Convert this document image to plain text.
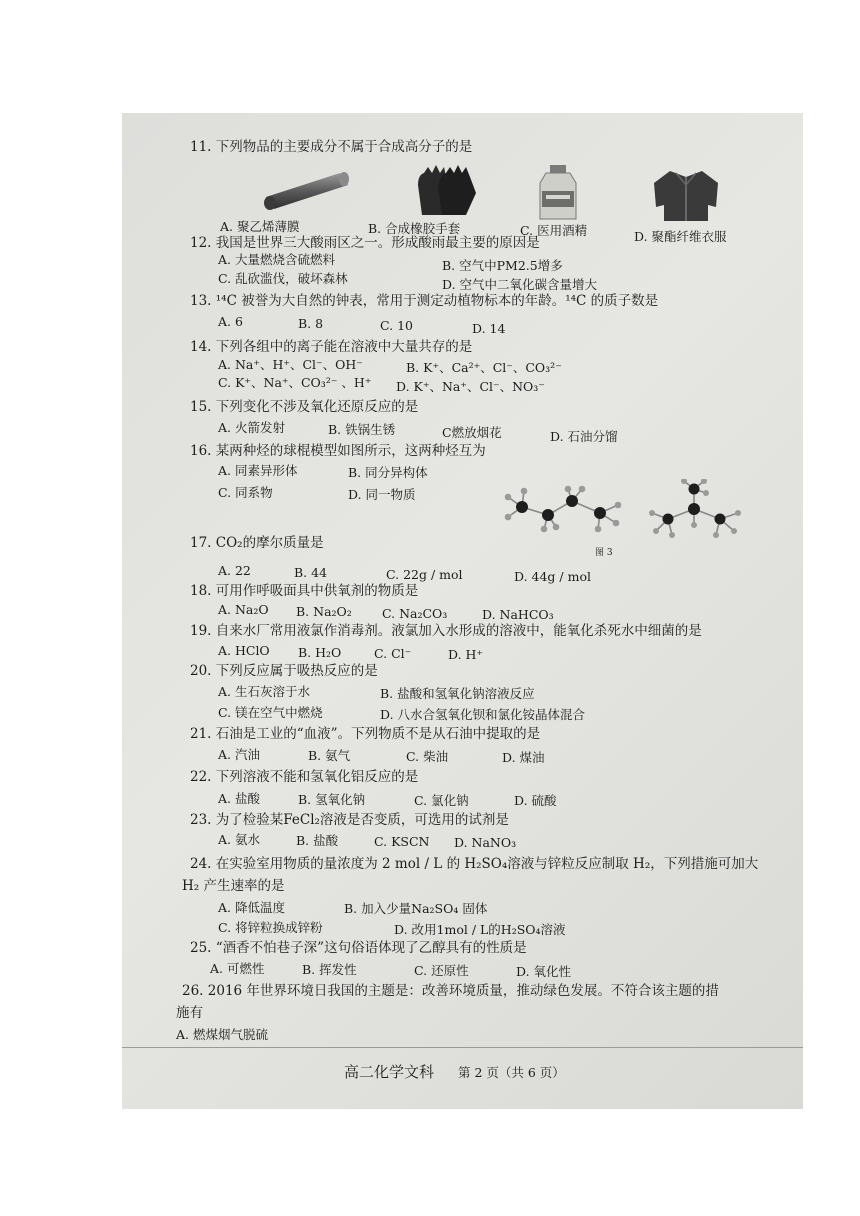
11. 下列物品的主要成分不属于合成高分子的是
A. 聚乙烯薄膜	B. 合成橡胶手套	C. 医用酒精	D. 聚酯纤维衣服
12. 我国是世界三大酸雨区之一。形成酸雨最主要的原因是
A. 大量燃烧含硫燃料	B. 空气中PM2.5增多
C. 乱砍滥伐，破坏森林	D. 空气中二氧化碳含量增大
13. ¹⁴C 被誉为大自然的钟表，常用于测定动植物标本的年龄。¹⁴C 的质子数是
A. 6	B. 8	C. 10	D. 14
14. 下列各组中的离子能在溶液中大量共存的是
A. Na⁺、H⁺、Cl⁻、OH⁻	B. K⁺、Ca²⁺、Cl⁻、CO₃²⁻
C. K⁺、Na⁺、CO₃²⁻ 、H⁺ D. K⁺、Na⁺、Cl⁻、NO₃⁻
15. 下列变化不涉及氧化还原反应的是
A. 火箭发射	B. 铁锅生锈	C燃放烟花	D. 石油分馏
16. 某两种烃的球棍模型如图所示，这两种烃互为
A. 同素异形体	B. 同分异构体
C. 同系物	D. 同一物质
图 3
17. CO₂的摩尔质量是
A. 22	B. 44	C. 22g / mol	D. 44g / mol
18. 可用作呼吸面具中供氧剂的物质是
A. Na₂O B. Na₂O₂ C. Na₂CO₃	D. NaHCO₃
19. 自来水厂常用液氯作消毒剂。液氯加入水形成的溶液中，能氧化杀死水中细菌的是
A. HClO B. H₂O	C. Cl⁻	D. H⁺
20. 下列反应属于吸热反应的是
A. 生石灰溶于水	B. 盐酸和氢氧化钠溶液反应
C. 镁在空气中燃烧	D. 八水合氢氧化钡和氯化铵晶体混合
21. 石油是工业的“血液”。下列物质不是从石油中提取的是
A. 汽油	B. 氨气	C. 柴油	D. 煤油
22. 下列溶液不能和氢氧化铝反应的是
A. 盐酸	B. 氢氧化钠	C. 氯化钠	D. 硫酸
23. 为了检验某FeCl₂溶液是否变质，可选用的试剂是
A. 氨水	B. 盐酸	C. KSCN D. NaNO₃
24. 在实验室用物质的量浓度为 2 mol / L 的 H₂SO₄溶液与锌粒反应制取 H₂，下列措施可加大
H₂ 产生速率的是
A. 降低温度	B. 加入少量Na₂SO₄ 固体
C. 将锌粒换成锌粉	D. 改用1mol / L的H₂SO₄溶液
25. “酒香不怕巷子深”这句俗语体现了乙醇具有的性质是
A. 可燃性	B. 挥发性	C. 还原性	D. 氧化性
26. 2016 年世界环境日我国的主题是：改善环境质量，推动绿色发展。不符合该主题的措
施有
A. 燃煤烟气脱硫
高二化学文科 第 2 页（共 6 页）
